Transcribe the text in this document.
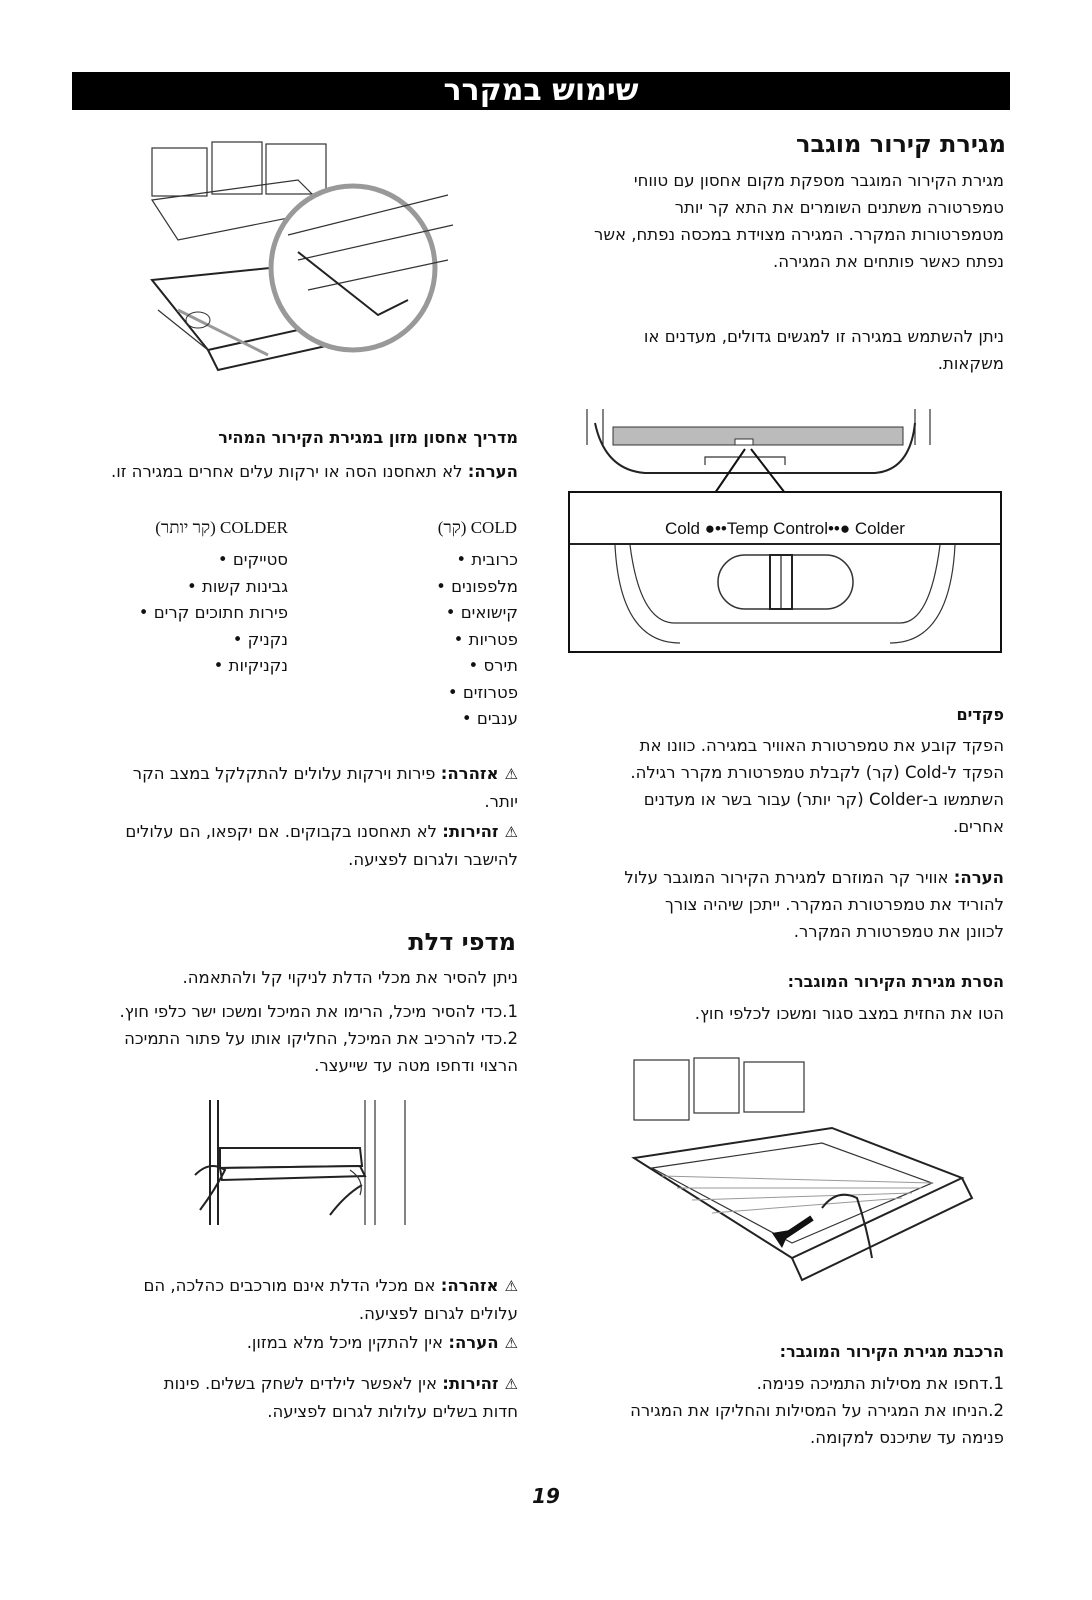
שימוש במקרר
מגירת קירור מוגבר
מגירת הקירור המוגבר מספקת מקום אחסון עם טווחי
טמפרטורה משתנים השומרים את התא קר יותר
מטמפרטורות המקרר. המגירה מצוידת במכסה נפתח, אשר
נפתח כאשר פותחים את המגירה.
ניתן להשתמש במגירה זו למגשים גדולים, מעדנים או
משקאות.
Cold ●••Temp Control••● Colder
פקדים
הפקד קובע את טמפרטורת האוויר במגירה. כוונו את
הפקד ל-Cold (קר) לקבלת טמפרטורת מקרר רגילה.
השתמשו ב-Colder (קר יותר) עבור בשר או מעדנים
אחרים.
הערה: אוויר קר המוזרם למגירת הקירור המוגבר עלול
להוריד את טמפרטורת המקרר. ייתכן שיהיה צורך
לכוונן את טמפרטורת המקרר.
הסרת מגירת הקירור המוגבר:
הטו את החזית במצב סגור ומשכו לכלפי חוץ.
הרכבת מגירת הקירור המוגבר:
1.דחפו את מסילות התמיכה פנימה.
2.הניחו את המגירה על המסילות והחליקו את המגירה
פנימה עד שתיכנס למקומה.
מדריך אחסון מזון במגירת הקירור המהיר
הערה: לא תאחסנו הסה או ירקות עלים אחרים במגירה זו.
COLD (קר)
COLDER (קר יותר)
כרובית •
מלפפונים •
קישואים •
פטריות •
תירס •
פטרוזים •
ענבים •
סטייקים •
גבינות קשות •
פירות חתוכים קרים •
נקניק •
נקניקיות •
⚠אזהרה: פירות וירקות עלולים להתקלקל במצב הקר
יותר.
⚠זהירות: לא תאחסנו בקבוקים. אם יקפאו, הם עלולים
להישבר ולגרום לפציעה.
מדפי דלת
ניתן להסיר את מכלי הדלת לניקוי קל ולהתאמה.
1.כדי להסיר מיכל, הרימו את המיכל ומשכו ישר כלפי חוץ.
2.כדי להרכיב את המיכל, החליקו אותו על פתור התמיכה
הרצוי ודחפו מטה עד שייעצר.
⚠אזהרה: אם מכלי הדלת אינם מורכבים כהלכה, הם
עלולים לגרום לפציעה.
⚠הערה: אין להתקין מיכל מלא במזון.
⚠זהירות: אין לאפשר לילדים לשחק בשלים. פינות
חדות בשלים עלולות לגרום לפציעה.
19
